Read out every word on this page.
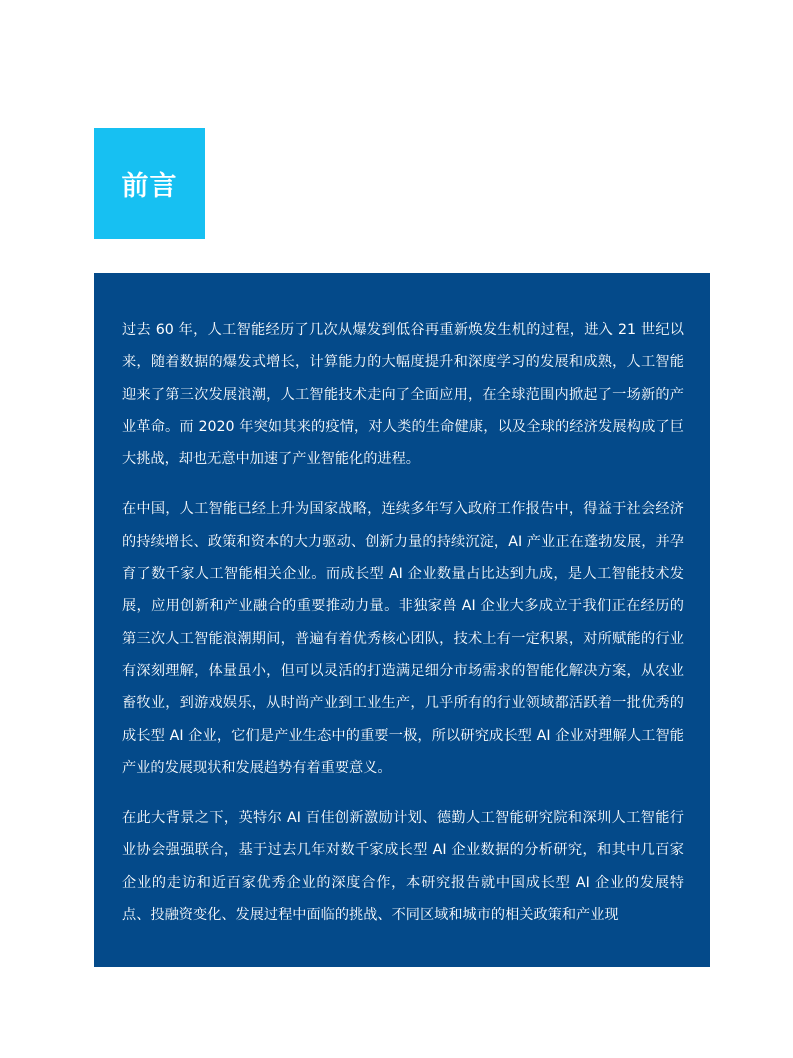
前言

过去 60 年，人工智能经历了几次从爆发到低谷再重新焕发生机的过程，进入 21 世纪以来，随着数据的爆发式增长，计算能力的大幅度提升和深度学习的发展和成熟，人工智能迎来了第三次发展浪潮，人工智能技术走向了全面应用，在全球范围内掀起了一场新的产业革命。而 2020 年突如其来的疫情，对人类的生命健康，以及全球的经济发展构成了巨大挑战，却也无意中加速了产业智能化的进程。

在中国，人工智能已经上升为国家战略，连续多年写入政府工作报告中，得益于社会经济的持续增长、政策和资本的大力驱动、创新力量的持续沉淀，AI 产业正在蓬勃发展，并孕育了数千家人工智能相关企业。而成长型 AI 企业数量占比达到九成，是人工智能技术发展，应用创新和产业融合的重要推动力量。非独家兽 AI 企业大多成立于我们正在经历的第三次人工智能浪潮期间，普遍有着优秀核心团队，技术上有一定积累，对所赋能的行业有深刻理解，体量虽小，但可以灵活的打造满足细分市场需求的智能化解决方案，从农业畜牧业，到游戏娱乐，从时尚产业到工业生产，几乎所有的行业领域都活跃着一批优秀的成长型 AI 企业，它们是产业生态中的重要一极，所以研究成长型 AI 企业对理解人工智能产业的发展现状和发展趋势有着重要意义。

在此大背景之下，英特尔 AI 百佳创新激励计划、德勤人工智能研究院和深圳人工智能行业协会强强联合，基于过去几年对数千家成长型 AI 企业数据的分析研究，和其中几百家企业的走访和近百家优秀企业的深度合作，本研究报告就中国成长型 AI 企业的发展特点、投融资变化、发展过程中面临的挑战、不同区域和城市的相关政策和产业现
